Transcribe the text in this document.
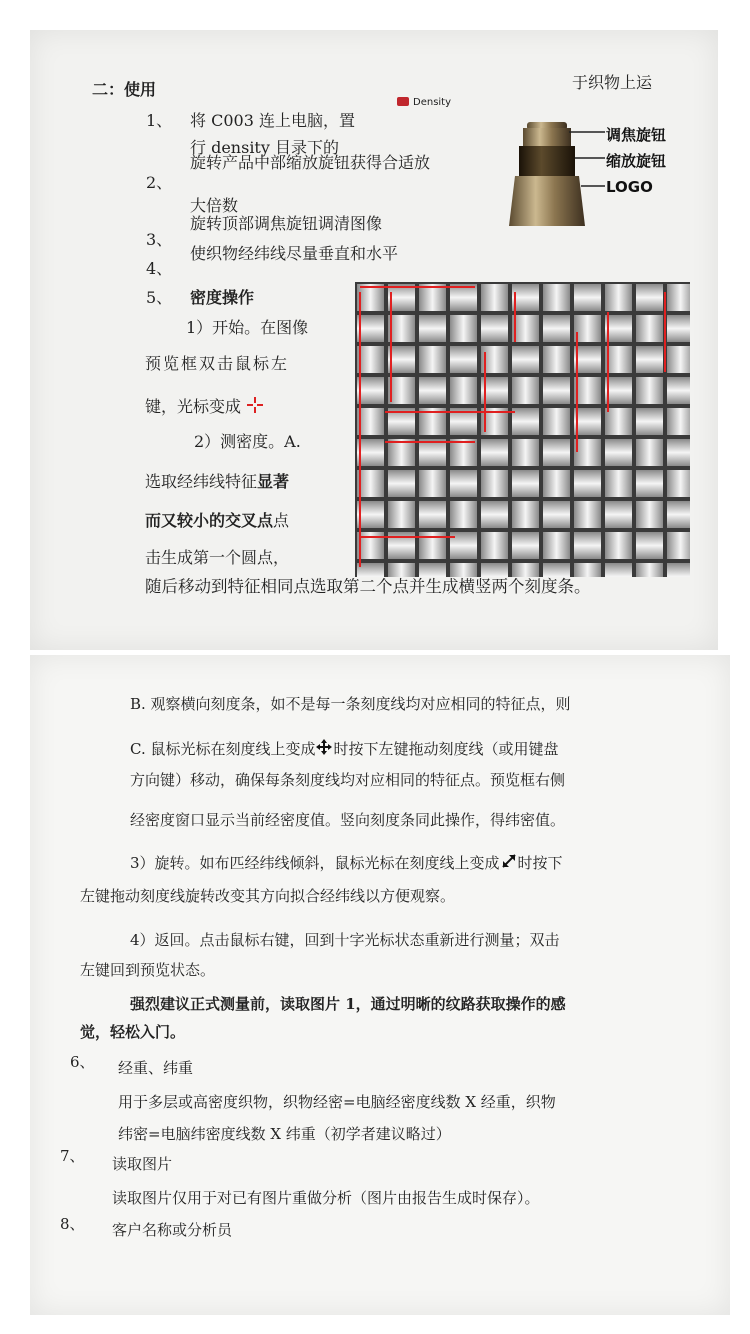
二：使用	于织物上运
Density
1、 将 C003 连上电脑，置
行 density 目录下的
2、
旋转产品中部缩放旋钮获得合适放
大倍数
3、
旋转顶部调焦旋钮调清图像
4、
使织物经纬线尽量垂直和水平
5、 密度操作
调焦旋钮
缩放旋钮
LOGO
1）开始。在图像
预览框双击鼠标左
键，光标变成
2）测密度。A.
选取经纬线特征显著
而又较小的交叉点点
击生成第一个圆点，
随后移动到特征相同点选取第二个点并生成横竖两个刻度条。
B. 观察横向刻度条，如不是每一条刻度线均对应相同的特征点，则
C. 鼠标光标在刻度线上变成 时按下左键拖动刻度线（或用键盘
方向键）移动，确保每条刻度线均对应相同的特征点。预览框右侧
经密度窗口显示当前经密度值。竖向刻度条同此操作，得纬密值。
3）旋转。如布匹经纬线倾斜，鼠标光标在刻度线上变成 时按下
左键拖动刻度线旋转改变其方向拟合经纬线以方便观察。
4）返回。点击鼠标右键，回到十字光标状态重新进行测量；双击
左键回到预览状态。
强烈建议正式测量前，读取图片 1，通过明晰的纹路获取操作的感
觉，轻松入门。
6、 经重、纬重
用于多层或高密度织物，织物经密=电脑经密度线数 X 经重，织物
纬密=电脑纬密度线数 X 纬重（初学者建议略过）
7、 读取图片
读取图片仅用于对已有图片重做分析（图片由报告生成时保存）。
8、 客户名称或分析员
